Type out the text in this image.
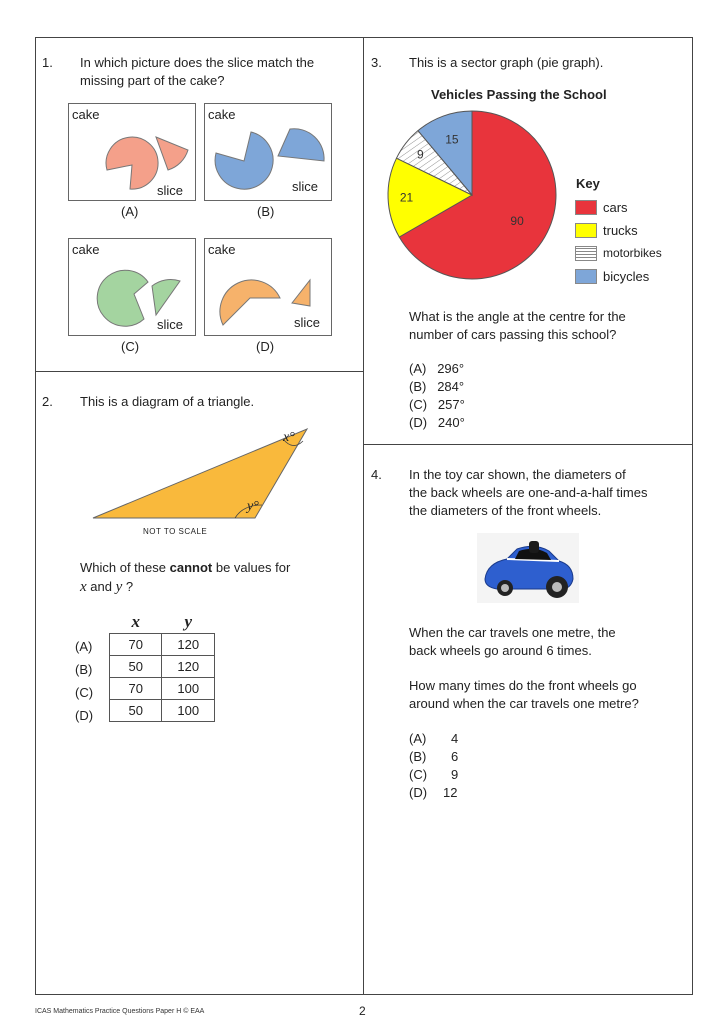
1. In which picture does the slice match the
missing part of the cake?
cake
slice
(A)
cake
slice
(B)
cake
slice
(C)
cake
slice
(D)
2. This is a diagram of a triangle.
x°
y°
NOT TO SCALE
Which of these cannot be values for
x and y ?
x	y
70	120
50	120
70	100
50	100
(A)
(B)
(C)
(D)
3. This is a sector graph (pie graph).
Vehicles Passing the School
90
21
9
15
Key
cars
trucks
motorbikes
bicycles
What is the angle at the centre for the
number of cars passing this school?
(A) 296°
(B) 284°
(C) 257°
(D) 240°
4. In the toy car shown, the diameters of
the back wheels are one-and-a-half times
the diameters of the front wheels.
When the car travels one metre, the
back wheels go around 6 times.
How many times do the front wheels go
around when the car travels one metre?
(A) 4
(B) 6
(C) 9
(D) 12
ICAS Mathematics Practice Questions Paper H © EAA	2
